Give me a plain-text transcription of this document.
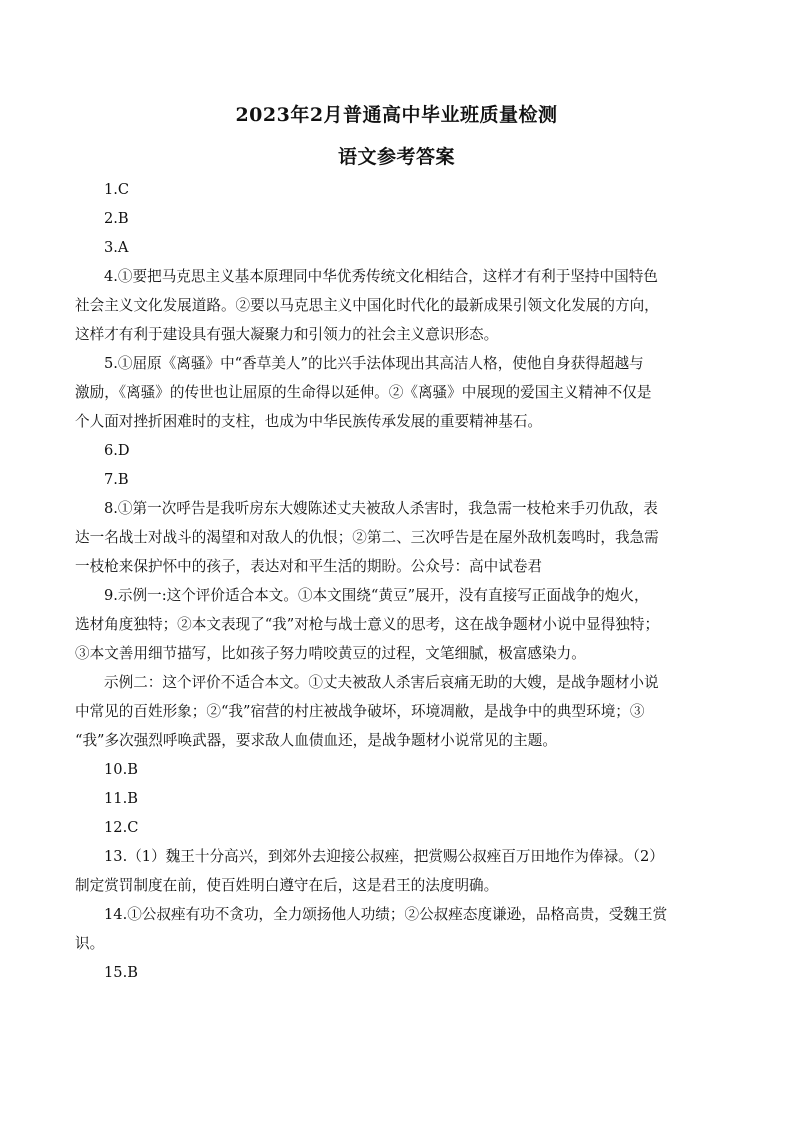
2023年2月普通高中毕业班质量检测
语文参考答案

1.C

2.B

3.A

4.①要把马克思主义基本原理同中华优秀传统文化相结合，这样才有利于坚持中国特色
社会主义文化发展道路。②要以马克思主义中国化时代化的最新成果引领文化发展的方向，
这样才有利于建设具有强大凝聚力和引领力的社会主义意识形态。

5.①屈原《离骚》中“香草美人”的比兴手法体现出其高洁人格，使他自身获得超越与
激励，《离骚》的传世也让屈原的生命得以延伸。②《离骚》中展现的爱国主义精神不仅是
个人面对挫折困难时的支柱，也成为中华民族传承发展的重要精神基石。

6.D

7.B

8.①第一次呼告是我听房东大嫂陈述丈夫被敌人杀害时，我急需一枝枪来手刃仇敌，表
达一名战士对战斗的渴望和对敌人的仇恨；②第二、三次呼告是在屋外敌机轰鸣时，我急需
一枝枪来保护怀中的孩子，表达对和平生活的期盼。公众号：高中试卷君

9.示例一:这个评价适合本文。①本文围绕“黄豆”展开，没有直接写正面战争的炮火，
选材角度独特；②本文表现了“我”对枪与战士意义的思考，这在战争题材小说中显得独特；
③本文善用细节描写，比如孩子努力啃咬黄豆的过程，文笔细腻，极富感染力。

示例二：这个评价不适合本文。①丈夫被敌人杀害后哀痛无助的大嫂，是战争题材小说
中常见的百姓形象；②“我”宿营的村庄被战争破坏，环境凋敝，是战争中的典型环境；③
“我”多次强烈呼唤武器，要求敌人血债血还，是战争题材小说常见的主题。

10.B

11.B

12.C

13.（1）魏王十分高兴，到郊外去迎接公叔痤，把赏赐公叔痤百万田地作为俸禄。（2）
制定赏罚制度在前，使百姓明白遵守在后，这是君王的法度明确。

14.①公叔痤有功不贪功，全力颂扬他人功绩；②公叔痤态度谦逊，品格高贵，受魏王赏
识。

15.B
